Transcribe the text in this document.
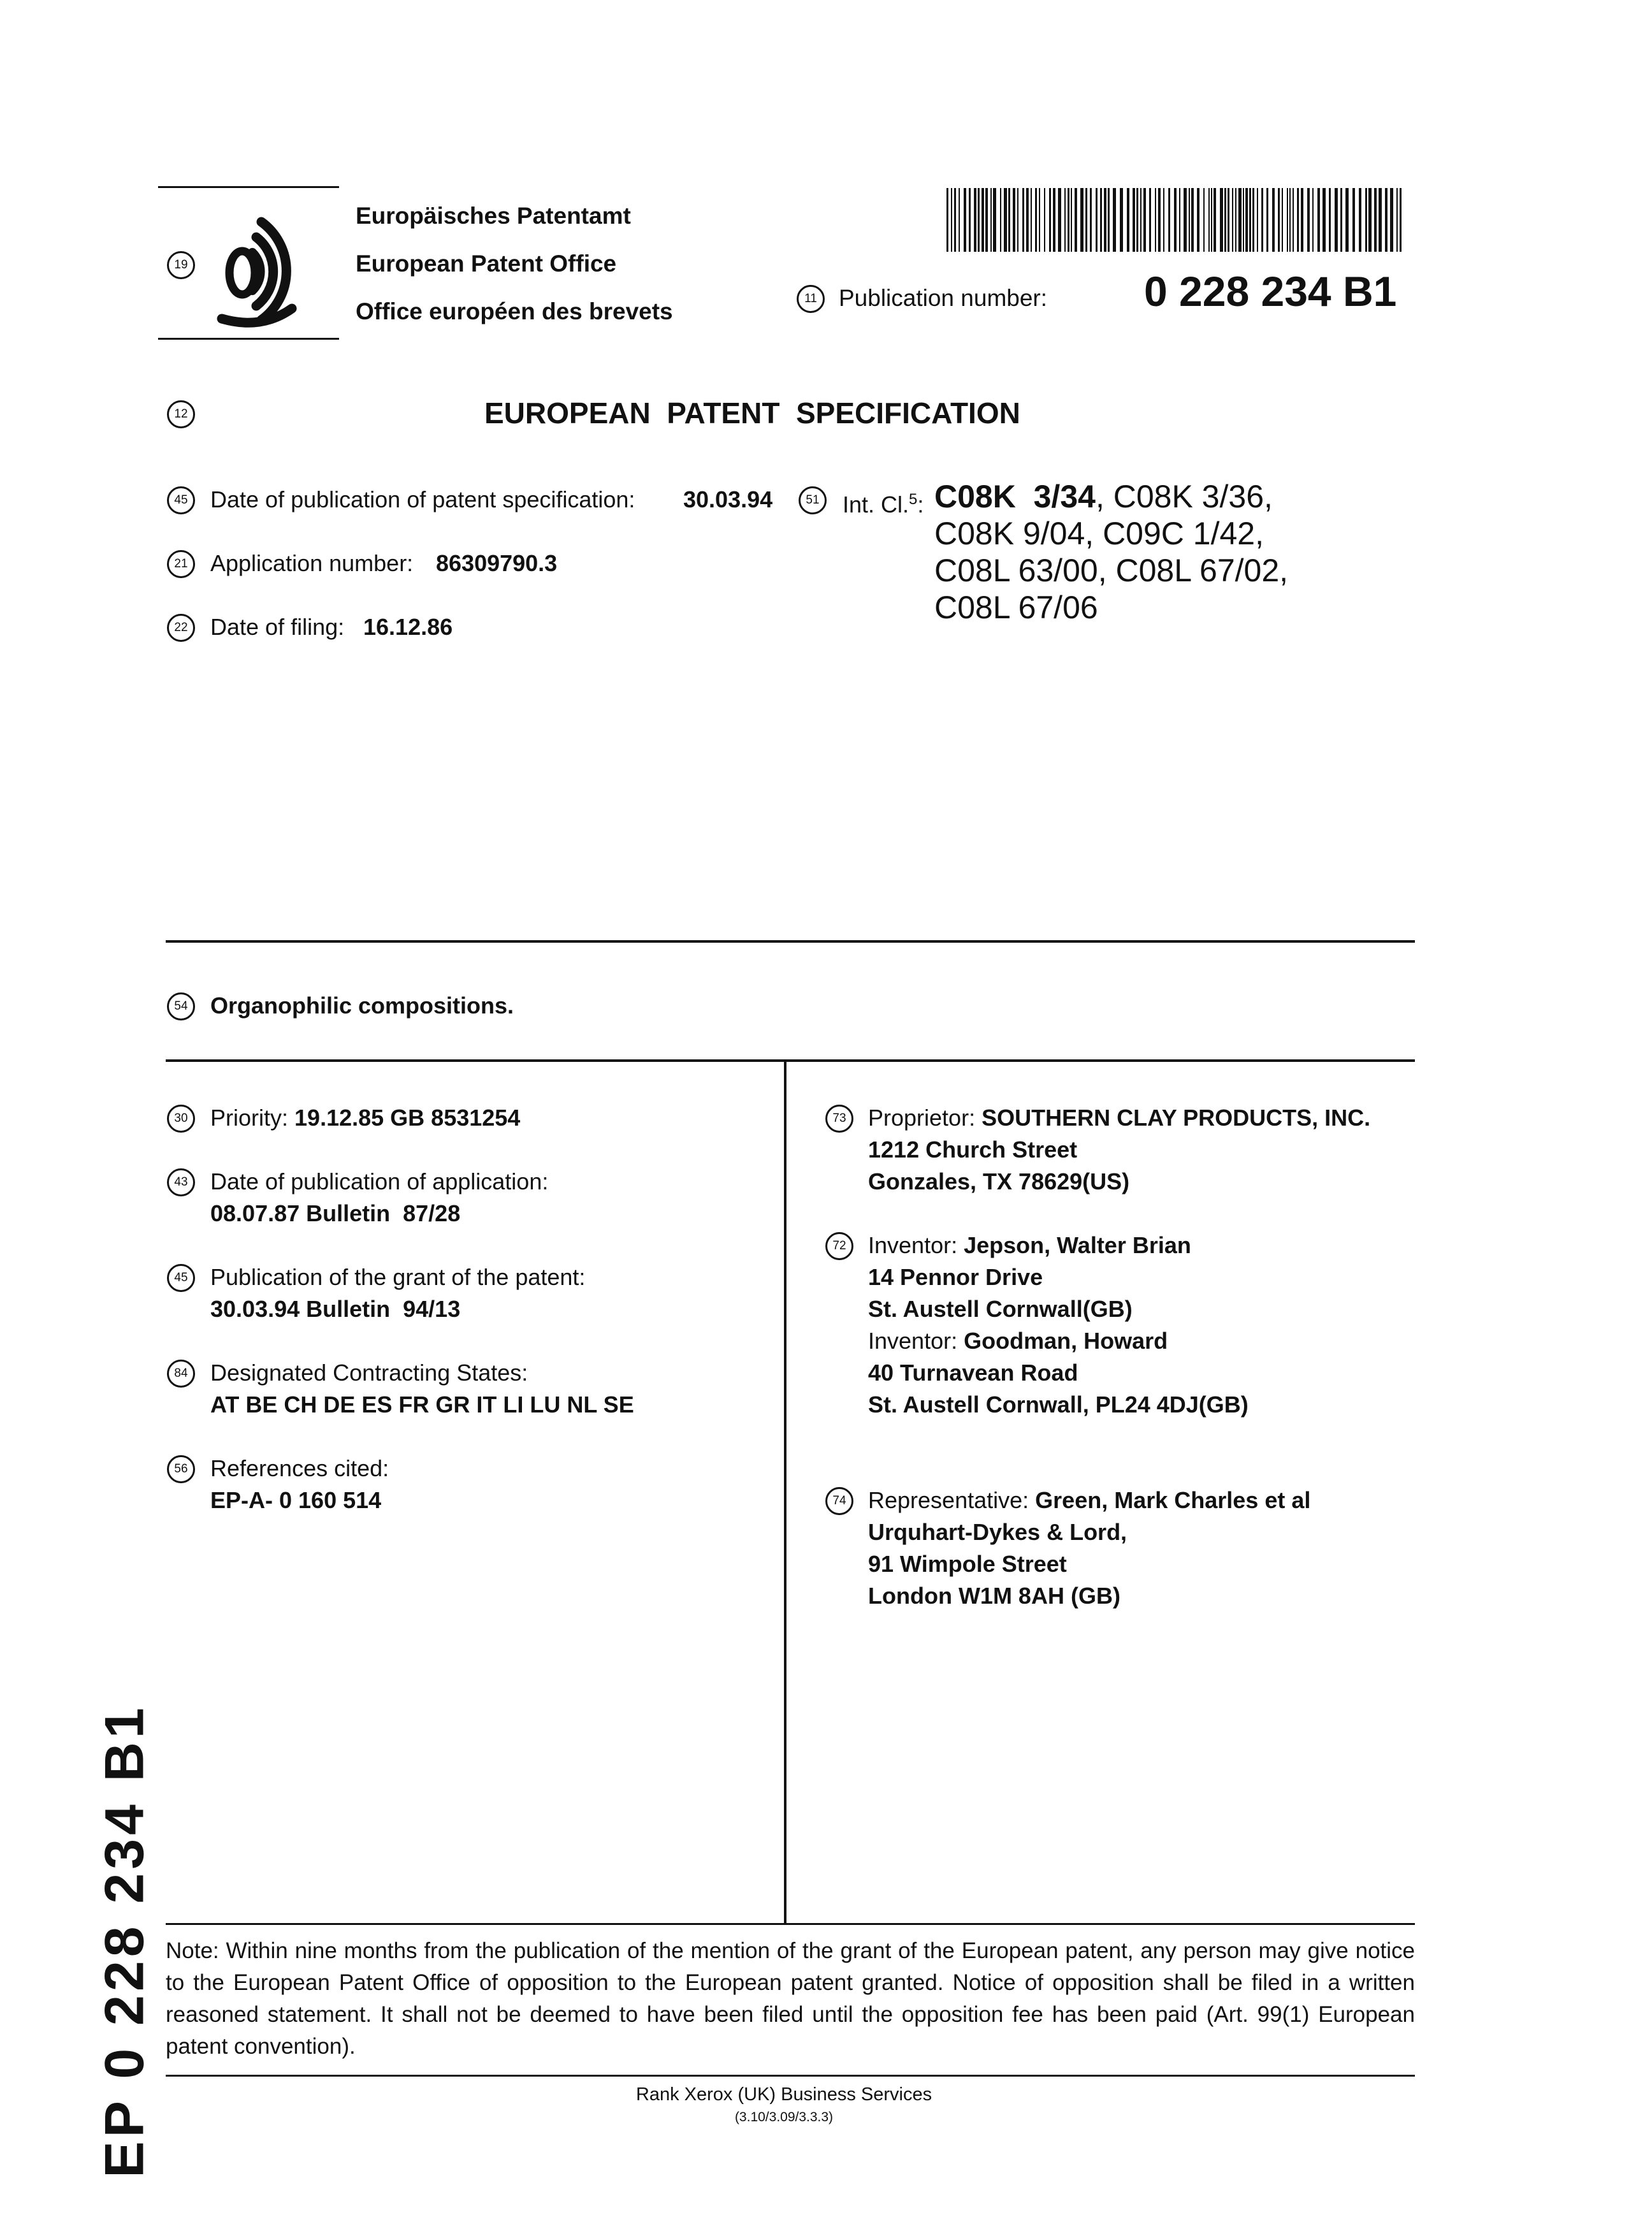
19
Europäisches Patentamt
European Patent Office
Office européen des brevets	11 Publication number: 0 228 234 B1
12	EUROPEAN  PATENT  SPECIFICATION
45 Date of publication of patent specification: 30.03.94
21 Application number: 86309790.3
22 Date of filing: 16.12.86
51	Int. Cl.$^5$: C08K  3/34, C08K 3/36,
C08K 9/04, C09C 1/42,
C08L 63/00, C08L 67/02,
C08L 67/06
54 Organophilic compositions.
30 Priority: 19.12.85 GB 8531254
43 Date of publication of application:
08.07.87 Bulletin  87/28
45 Publication of the grant of the patent:
30.03.94 Bulletin  94/13
84 Designated Contracting States:
AT BE CH DE ES FR GR IT LI LU NL SE
56 References cited:
EP-A- 0 160 514
73 Proprietor: SOUTHERN CLAY PRODUCTS, INC.
1212 Church Street
Gonzales, TX 78629(US)
72 Inventor: Jepson, Walter Brian
14 Pennor Drive
St. Austell Cornwall(GB)
Inventor: Goodman, Howard
40 Turnavean Road
St. Austell Cornwall, PL24 4DJ(GB)
74 Representative: Green, Mark Charles et al
Urquhart-Dykes & Lord,
91 Wimpole Street
London W1M 8AH (GB)
Note: Within nine months from the publication of the mention of the grant of the European patent, any person may give notice to the European Patent Office of opposition to the European patent granted. Notice of opposition shall be filed in a written reasoned statement. It shall not be deemed to have been filed until the opposition fee has been paid (Art. 99(1) European patent convention).
Rank Xerox (UK) Business Services
(3.10/3.09/3.3.3)
EP 0 228 234 B1
